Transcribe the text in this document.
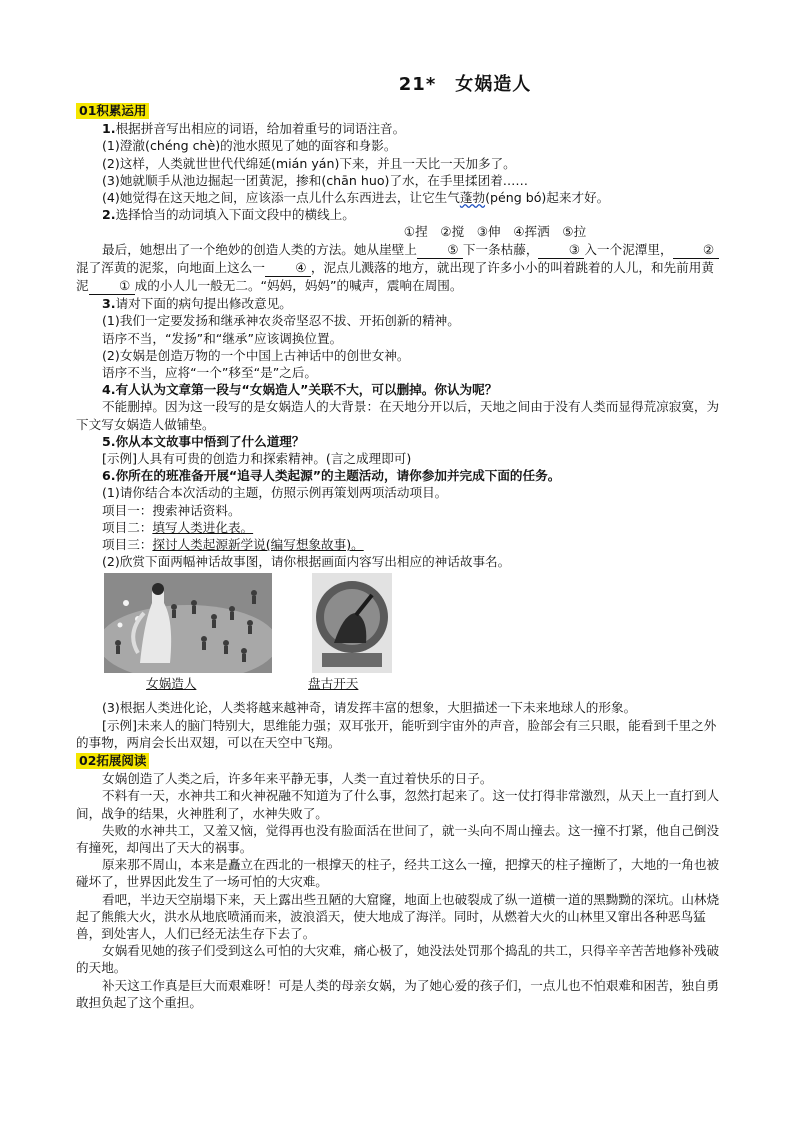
21*　女娲造人
01积累运用

1.根据拼音写出相应的词语，给加着重号的词语注音。

(1)澄澈(chéng chè)的池水照见了她的面容和身影。

(2)这样，人类就世世代代绵延(mián yán)下来，并且一天比一天加多了。

(3)她就顺手从池边掘起一团黄泥，掺和(chān huo)了水，在手里揉团着……

(4)她觉得在这天地之间，应该添一点儿什么东西进去，让它生气蓬勃(péng bó)起来才好。

2.选择恰当的动词填入下面文段中的横线上。

①捏　②搅　③伸　④挥洒　⑤拉

最后，她想出了一个绝妙的创造人类的方法。她从崖壁上 ⑤ 下一条枯藤， ③ 入一个泥潭里， ②混了浑黄的泥浆，向地面上这么一 ④ ，泥点儿溅落的地方，就出现了许多小小的叫着跳着的人儿，和先前用黄泥 ① 成的小人儿一般无二。“妈妈，妈妈”的喊声，震响在周围。

3.请对下面的病句提出修改意见。

(1)我们一定要发扬和继承神农炎帝坚忍不拔、开拓创新的精神。

语序不当，“发扬”和“继承”应该调换位置。

(2)女娲是创造万物的一个中国上古神话中的创世女神。

语序不当，应将“一个”移至“是”之后。

4.有人认为文章第一段与“女娲造人”关联不大，可以删掉。你认为呢？

不能删掉。因为这一段写的是女娲造人的大背景：在天地分开以后，天地之间由于没有人类而显得荒凉寂寞，为下文写女娲造人做铺垫。

5.你从本文故事中悟到了什么道理？

[示例]人具有可贵的创造力和探索精神。(言之成理即可)

6.你所在的班准备开展“追寻人类起源”的主题活动，请你参加并完成下面的任务。

(1)请你结合本次活动的主题，仿照示例再策划两项活动项目。

项目一：搜索神话资料。

项目二：填写人类进化表。

项目三：探讨人类起源新学说(编写想象故事)。

(2)欣赏下面两幅神话故事图，请你根据画面内容写出相应的神话故事名。

女娲造人	盘古开天

(3)根据人类进化论，人类将越来越神奇，请发挥丰富的想象，大胆描述一下未来地球人的形象。

[示例]未来人的脑门特别大，思维能力强；双耳张开，能听到宇宙外的声音，脸部会有三只眼，能看到千里之外的事物，两肩会长出双翅，可以在天空中飞翔。

02拓展阅读

女娲创造了人类之后，许多年来平静无事，人类一直过着快乐的日子。

不料有一天，水神共工和火神祝融不知道为了什么事，忽然打起来了。这一仗打得非常激烈，从天上一直打到人间，战争的结果，火神胜利了，水神失败了。

失败的水神共工，又羞又恼，觉得再也没有脸面活在世间了，就一头向不周山撞去。这一撞不打紧，他自己倒没有撞死，却闯出了天大的祸事。

原来那不周山，本来是矗立在西北的一根撑天的柱子，经共工这么一撞，把撑天的柱子撞断了，大地的一角也被碰坏了，世界因此发生了一场可怕的大灾难。

看吧，半边天空崩塌下来，天上露出些丑陋的大窟窿，地面上也破裂成了纵一道横一道的黑黝黝的深坑。山林烧起了熊熊大火，洪水从地底喷涌而来，波浪滔天，使大地成了海洋。同时，从燃着大火的山林里又窜出各种恶鸟猛兽，到处害人，人们已经无法生存下去了。

女娲看见她的孩子们受到这么可怕的大灾难，痛心极了，她没法处罚那个捣乱的共工，只得辛辛苦苦地修补残破的天地。

补天这工作真是巨大而艰难呀！可是人类的母亲女娲，为了她心爱的孩子们，一点儿也不怕艰难和困苦，独自勇敢担负起了这个重担。
